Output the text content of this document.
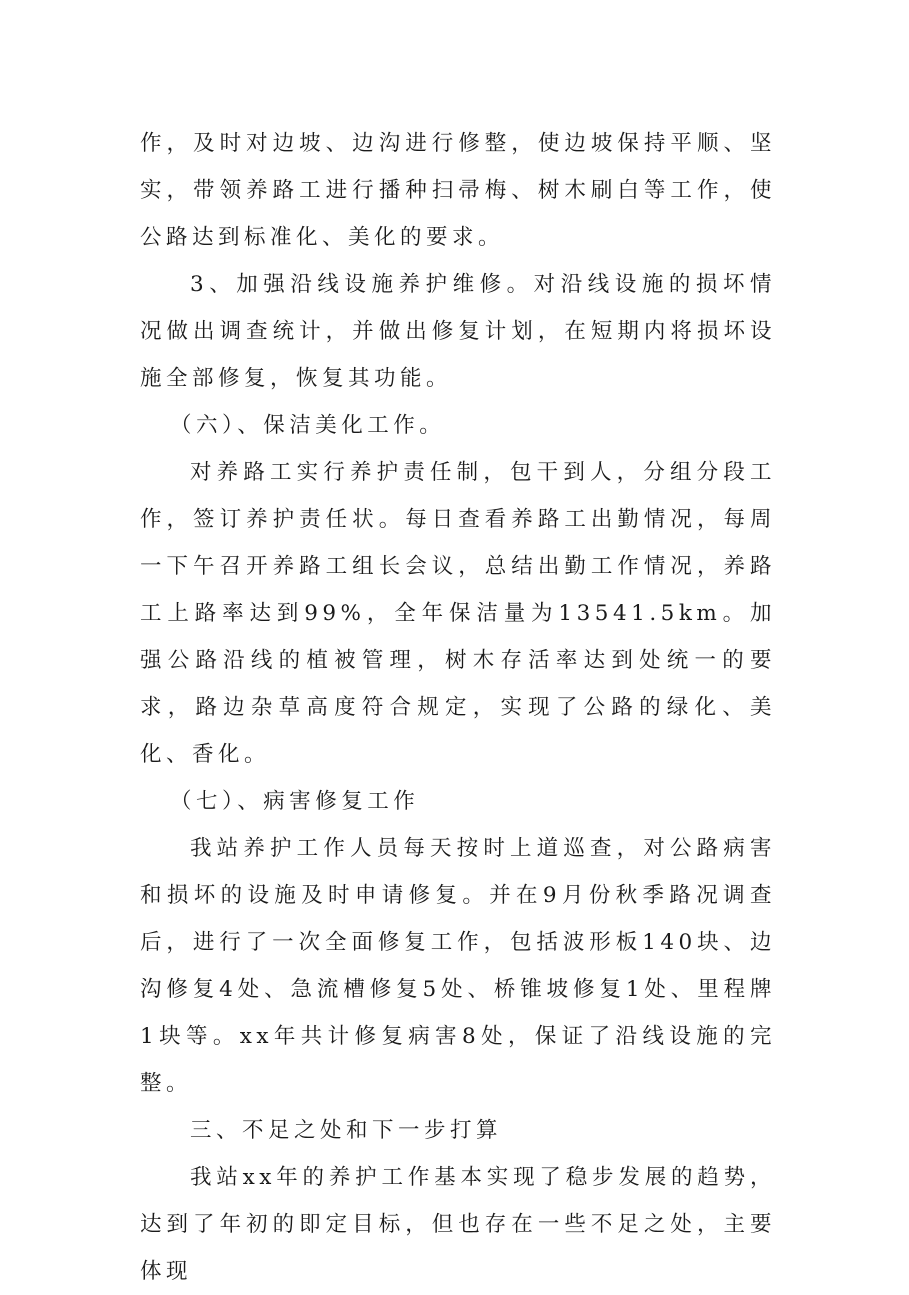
作，及时对边坡、边沟进行修整，使边坡保持平顺、坚实，带领养路工进行播种扫帚梅、树木刷白等工作，使公路达到标准化、美化的要求。

3、加强沿线设施养护维修。对沿线设施的损坏情况做出调查统计，并做出修复计划，在短期内将损坏设施全部修复，恢复其功能。

（六）、保洁美化工作。

对养路工实行养护责任制，包干到人，分组分段工作，签订养护责任状。每日查看养路工出勤情况，每周一下午召开养路工组长会议，总结出勤工作情况，养路工上路率达到99%，全年保洁量为13541.5km。加强公路沿线的植被管理，树木存活率达到处统一的要求，路边杂草高度符合规定，实现了公路的绿化、美化、香化。

（七）、病害修复工作

我站养护工作人员每天按时上道巡查，对公路病害和损坏的设施及时申请修复。并在9月份秋季路况调查后，进行了一次全面修复工作，包括波形板140块、边沟修复4处、急流槽修复5处、桥锥坡修复1处、里程牌1块等。xx年共计修复病害8处，保证了沿线设施的完整。

三、不足之处和下一步打算

我站xx年的养护工作基本实现了稳步发展的趋势，达到了年初的即定目标，但也存在一些不足之处，主要体现
